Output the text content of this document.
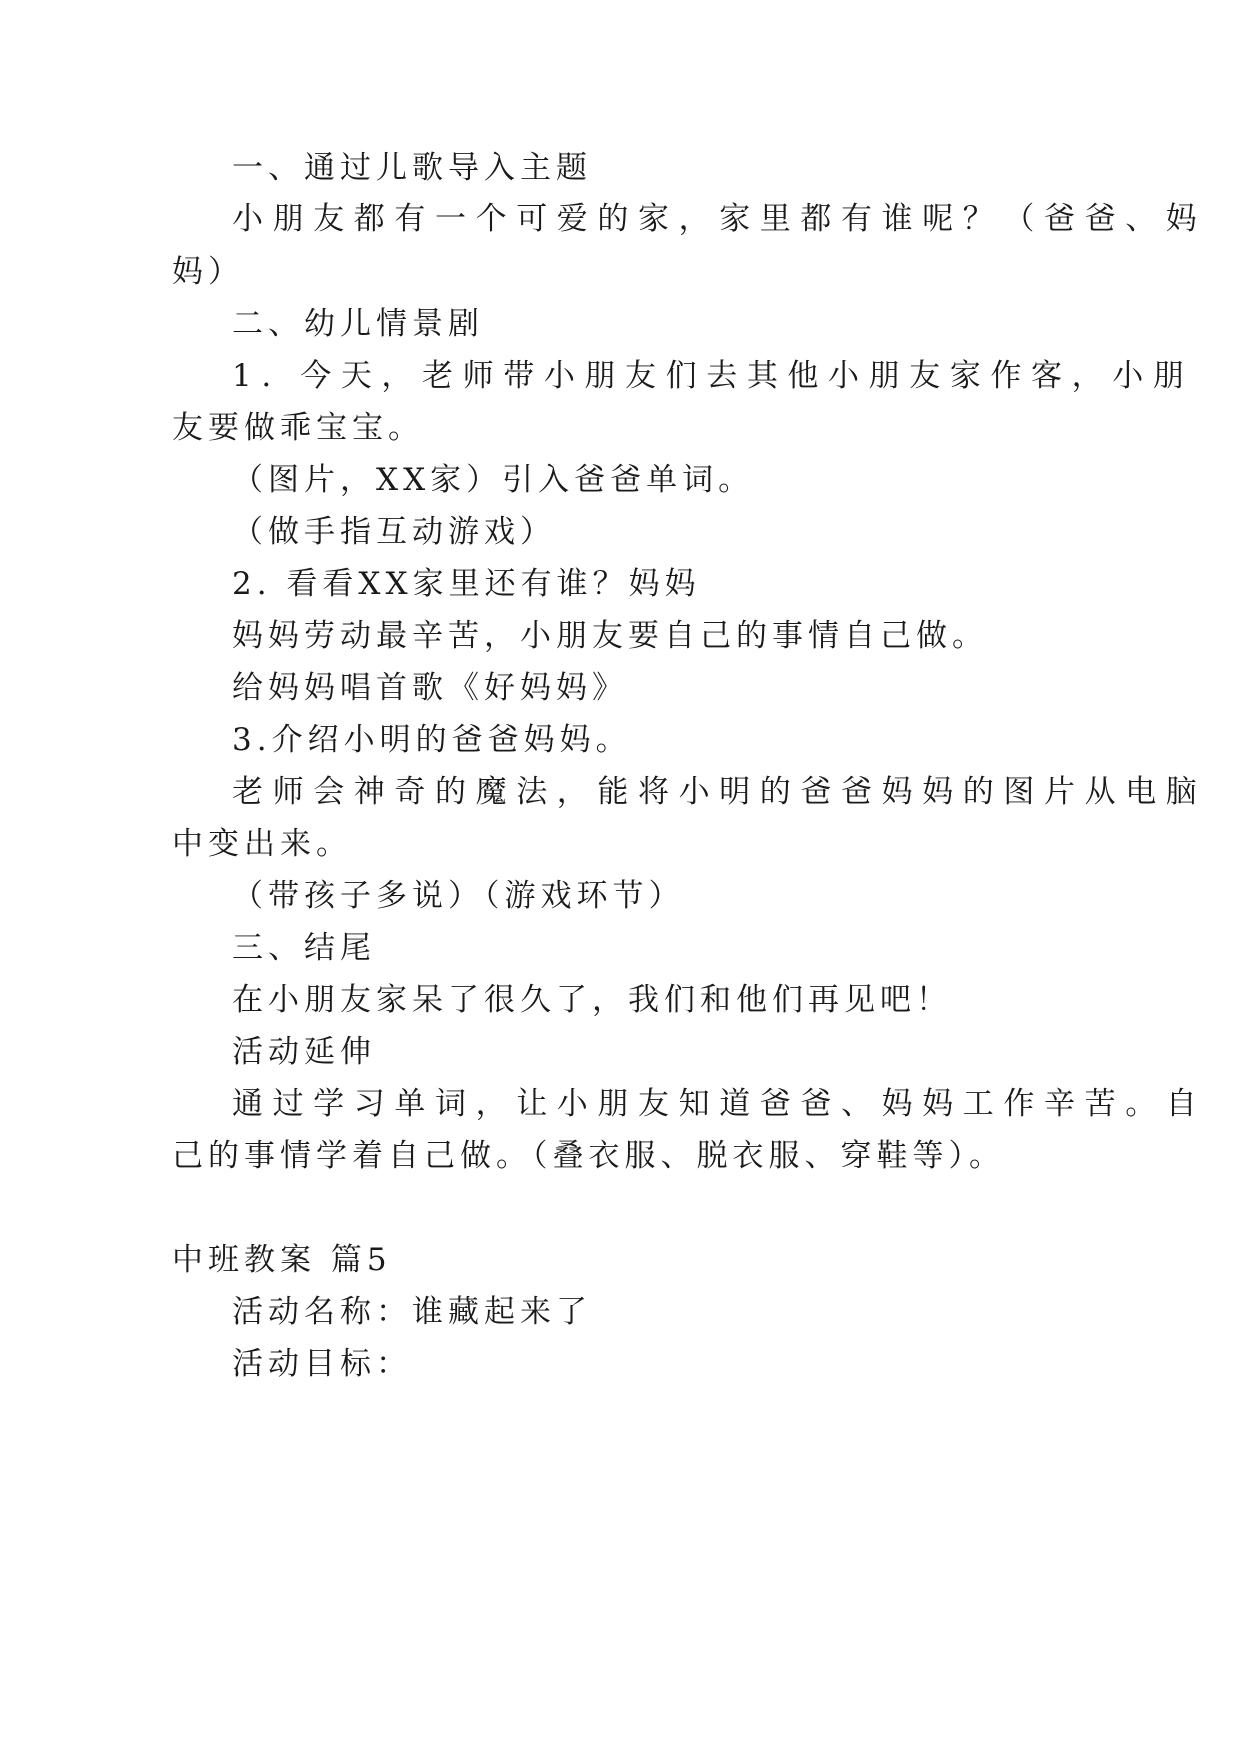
一、通过儿歌导入主题
小朋友都有一个可爱的家，家里都有谁呢？（爸爸、妈
妈）
二、幼儿情景剧
1. 今天，老师带小朋友们去其他小朋友家作客，小朋
友要做乖宝宝。
（图片，XX家）引入爸爸单词。
（做手指互动游戏）
2. 看看XX家里还有谁？妈妈
妈妈劳动最辛苦，小朋友要自己的事情自己做。
给妈妈唱首歌《好妈妈》
3.介绍小明的爸爸妈妈。
老师会神奇的魔法，能将小明的爸爸妈妈的图片从电脑
中变出来。
（带孩子多说）（游戏环节）
三、结尾
在小朋友家呆了很久了，我们和他们再见吧！
活动延伸
通过学习单词，让小朋友知道爸爸、妈妈工作辛苦。自
己的事情学着自己做。（叠衣服、脱衣服、穿鞋等）。
中班教案 篇5
活动名称：谁藏起来了
活动目标：
